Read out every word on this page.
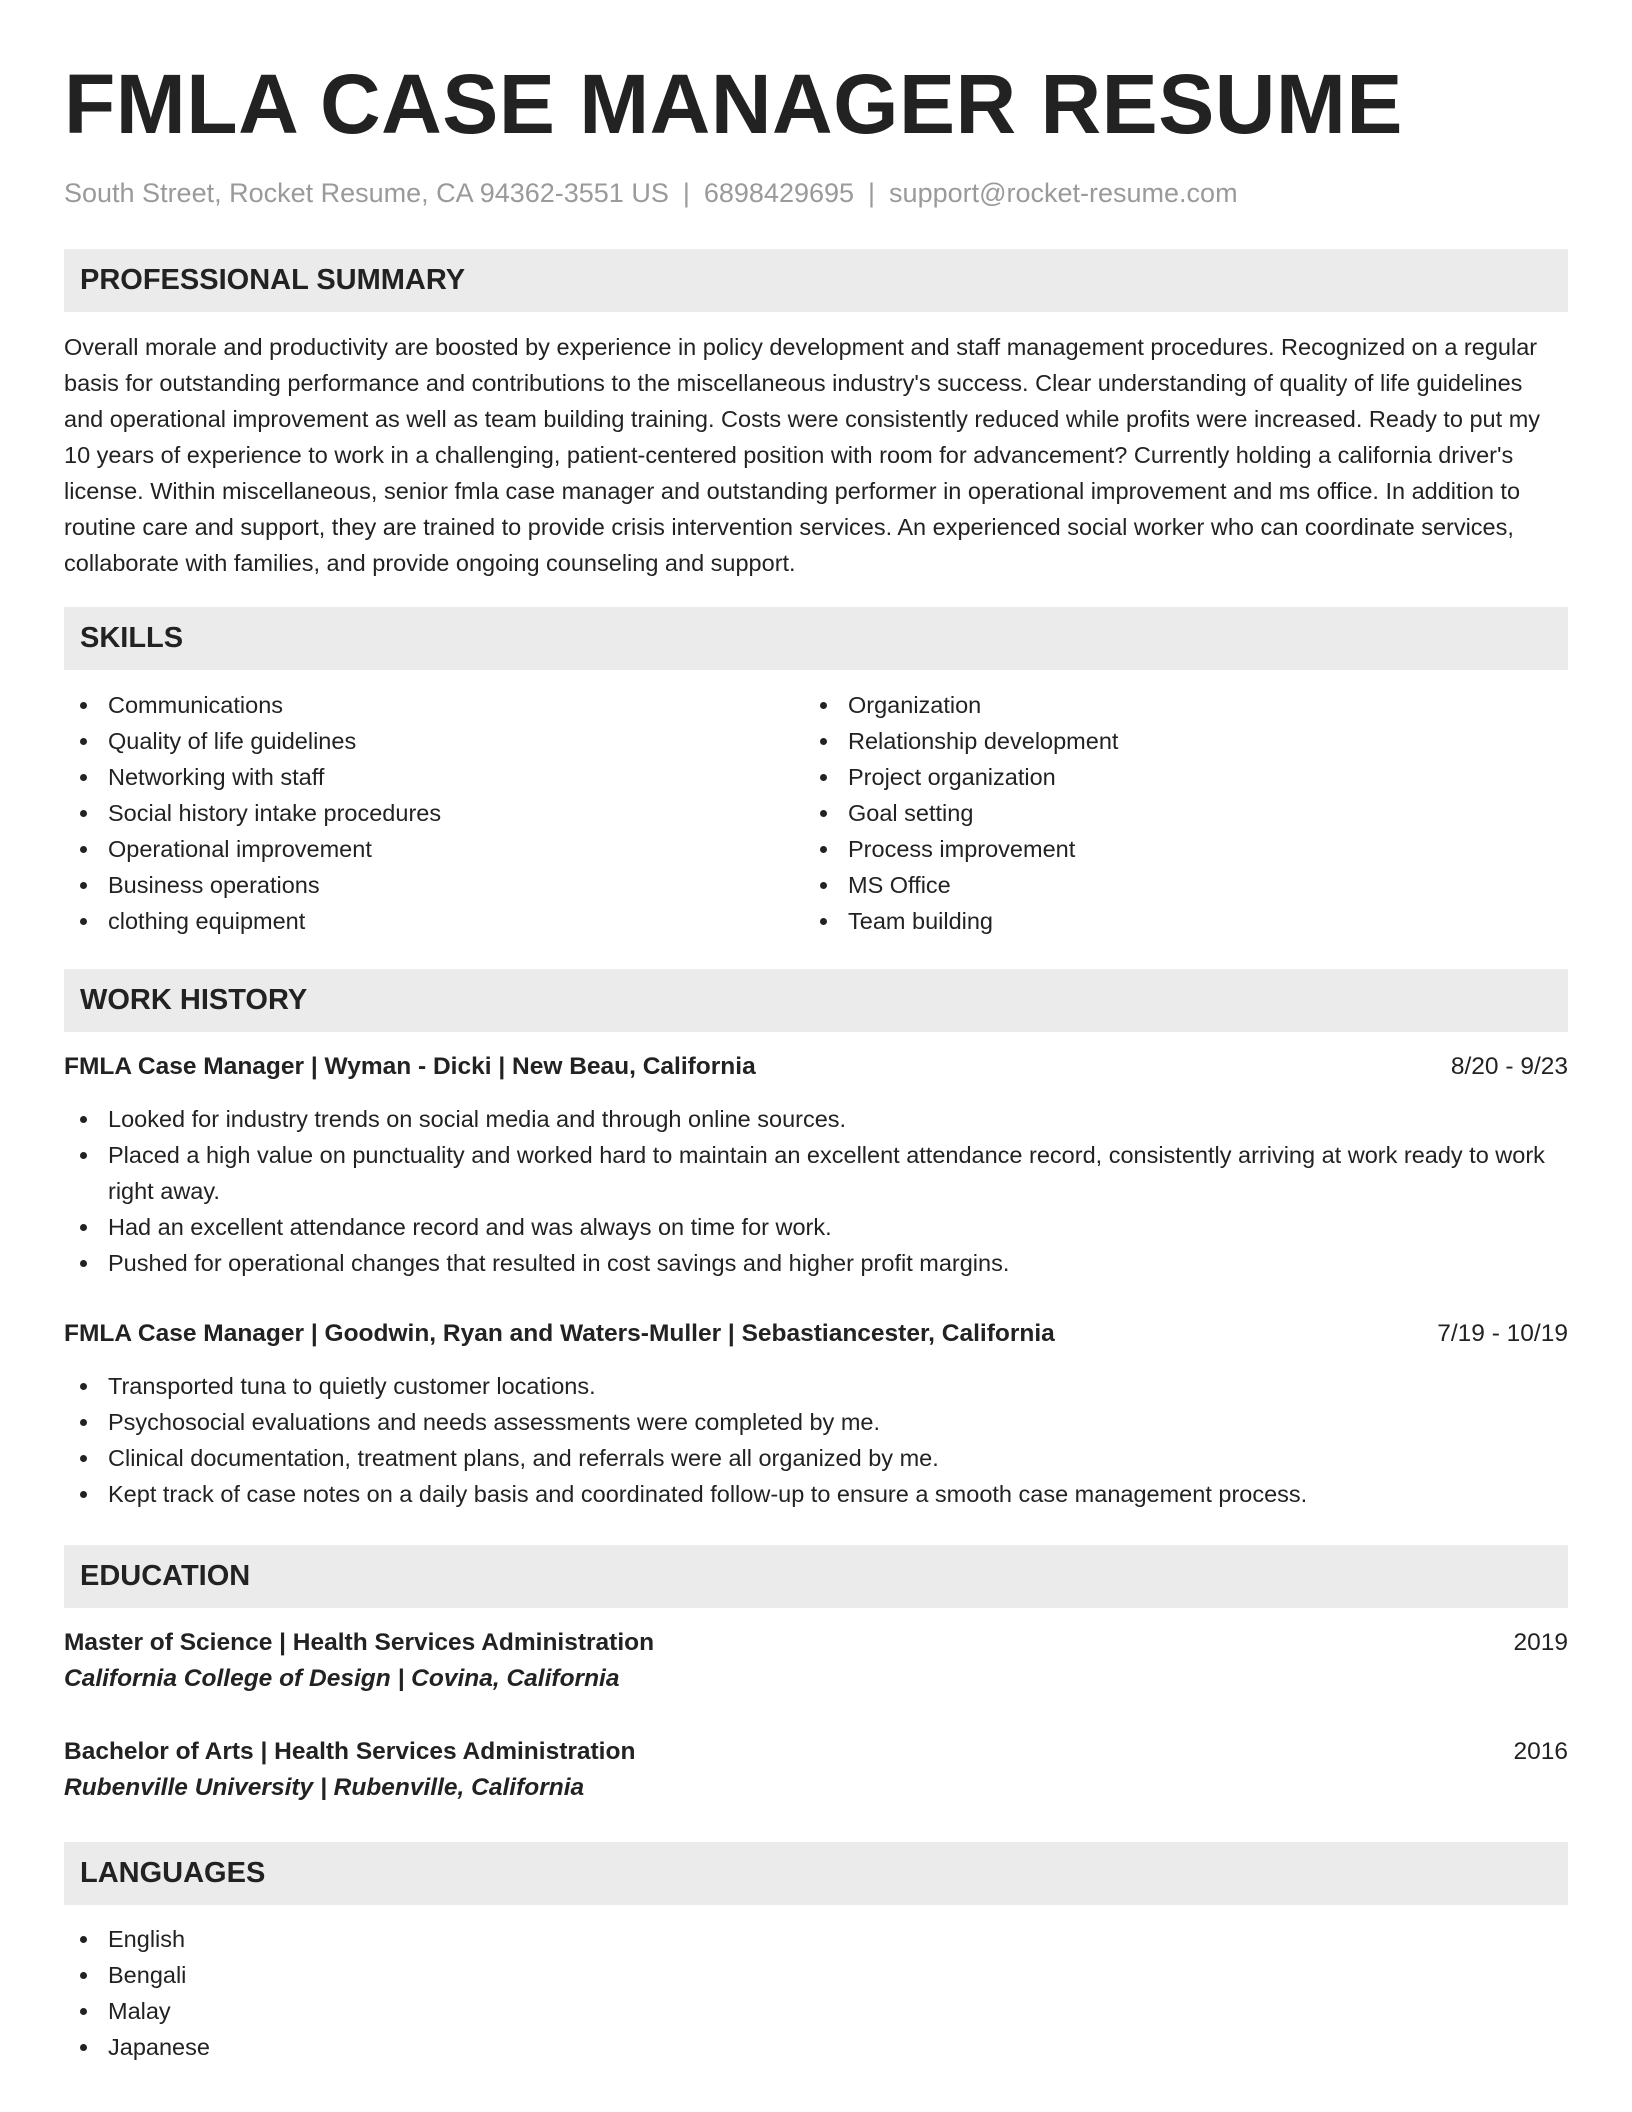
FMLA CASE MANAGER RESUME
South Street, Rocket Resume, CA 94362-3551 US | 6898429695 | support@rocket-resume.com
PROFESSIONAL SUMMARY

Overall morale and productivity are boosted by experience in policy development and staff management procedures. Recognized on a regular basis for outstanding performance and contributions to the miscellaneous industry's success. Clear understanding of quality of life guidelines and operational improvement as well as team building training. Costs were consistently reduced while profits were increased. Ready to put my 10 years of experience to work in a challenging, patient-centered position with room for advancement? Currently holding a california driver's license. Within miscellaneous, senior fmla case manager and outstanding performer in operational improvement and ms office. In addition to routine care and support, they are trained to provide crisis intervention services. An experienced social worker who can coordinate services, collaborate with families, and provide ongoing counseling and support.

SKILLS
Communications
Quality of life guidelines
Networking with staff
Social history intake procedures
Operational improvement
Business operations
clothing equipment
Organization
Relationship development
Project organization
Goal setting
Process improvement
MS Office
Team building
WORK HISTORY
FMLA Case Manager | Wyman - Dicki | New Beau, California	8/20 - 9/23
Looked for industry trends on social media and through online sources.
Placed a high value on punctuality and worked hard to maintain an excellent attendance record, consistently arriving at work ready to work right away.
Had an excellent attendance record and was always on time for work.
Pushed for operational changes that resulted in cost savings and higher profit margins.
FMLA Case Manager | Goodwin, Ryan and Waters-Muller | Sebastiancester, California	7/19 - 10/19
Transported tuna to quietly customer locations.
Psychosocial evaluations and needs assessments were completed by me.
Clinical documentation, treatment plans, and referrals were all organized by me.
Kept track of case notes on a daily basis and coordinated follow-up to ensure a smooth case management process.
EDUCATION
Master of Science | Health Services Administration	2019
California College of Design | Covina, California
Bachelor of Arts | Health Services Administration	2016
Rubenville University | Rubenville, California
LANGUAGES
English
Bengali
Malay
Japanese
